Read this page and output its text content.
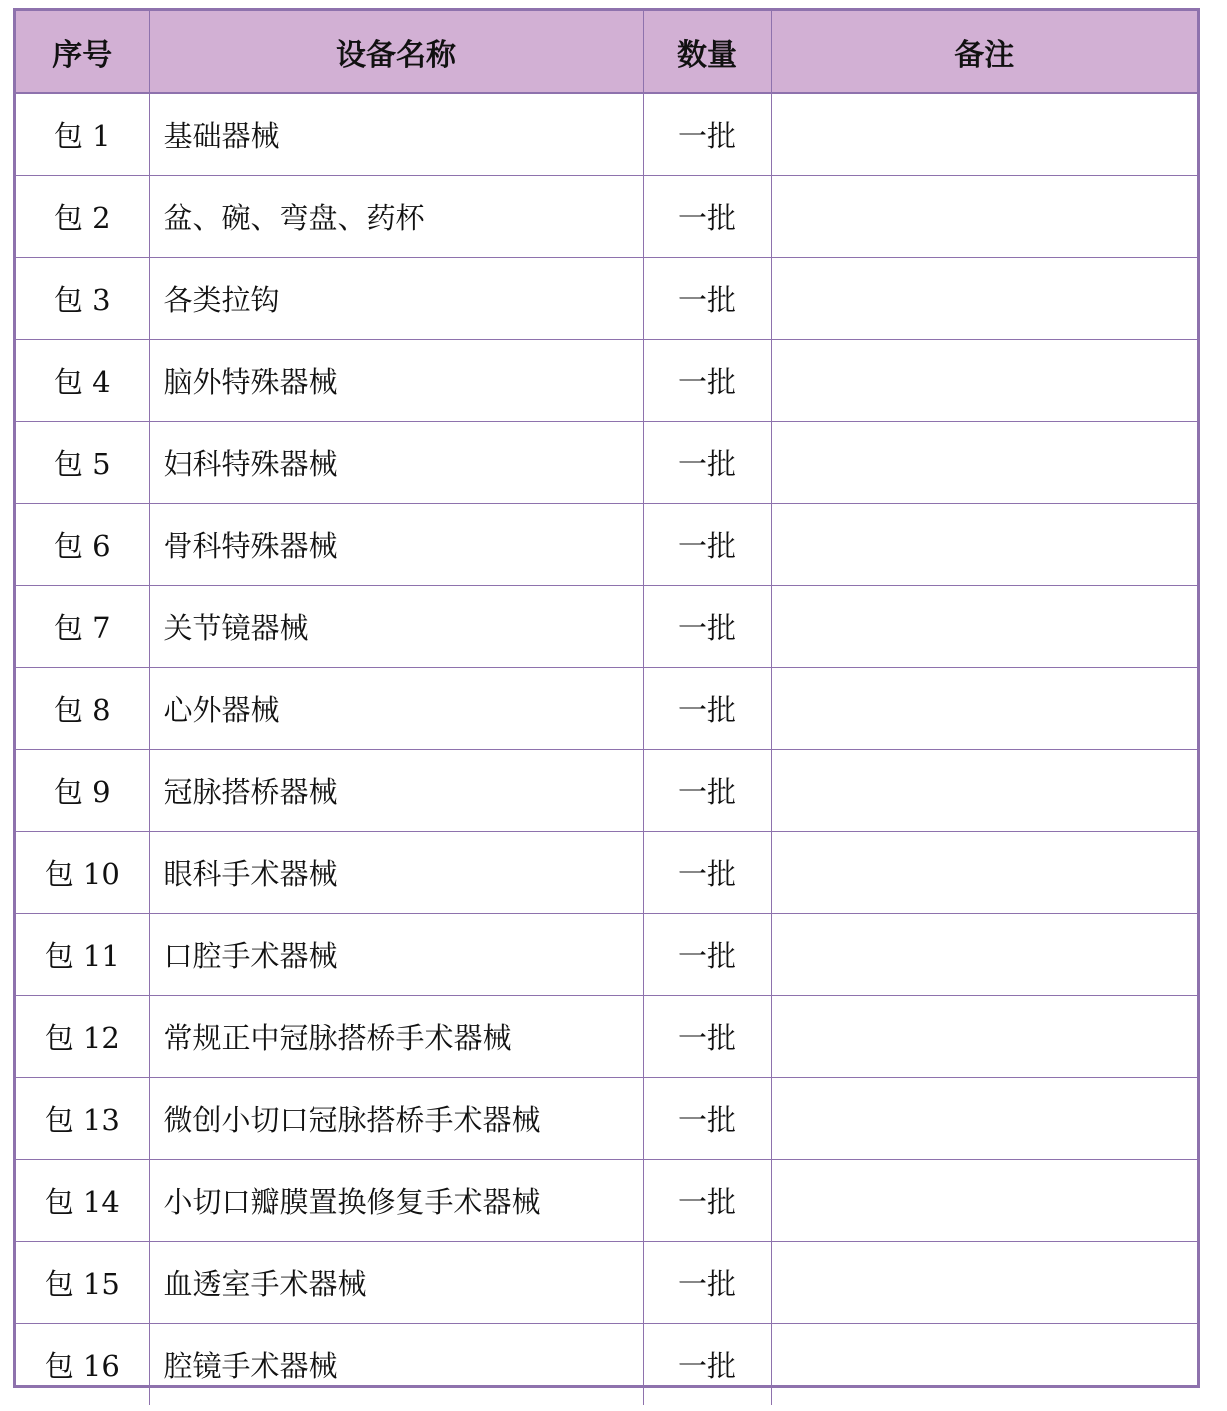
序号	设备名称	数量	备注
包 1	基础器械	一批	
包 2	盆、碗、弯盘、药杯	一批	
包 3	各类拉钩	一批	
包 4	脑外特殊器械	一批	
包 5	妇科特殊器械	一批	
包 6	骨科特殊器械	一批	
包 7	关节镜器械	一批	
包 8	心外器械	一批	
包 9	冠脉搭桥器械	一批	
包 10	眼科手术器械	一批	
包 11	口腔手术器械	一批	
包 12	常规正中冠脉搭桥手术器械	一批	
包 13	微创小切口冠脉搭桥手术器械	一批	
包 14	小切口瓣膜置换修复手术器械	一批	
包 15	血透室手术器械	一批	
包 16	腔镜手术器械	一批	
